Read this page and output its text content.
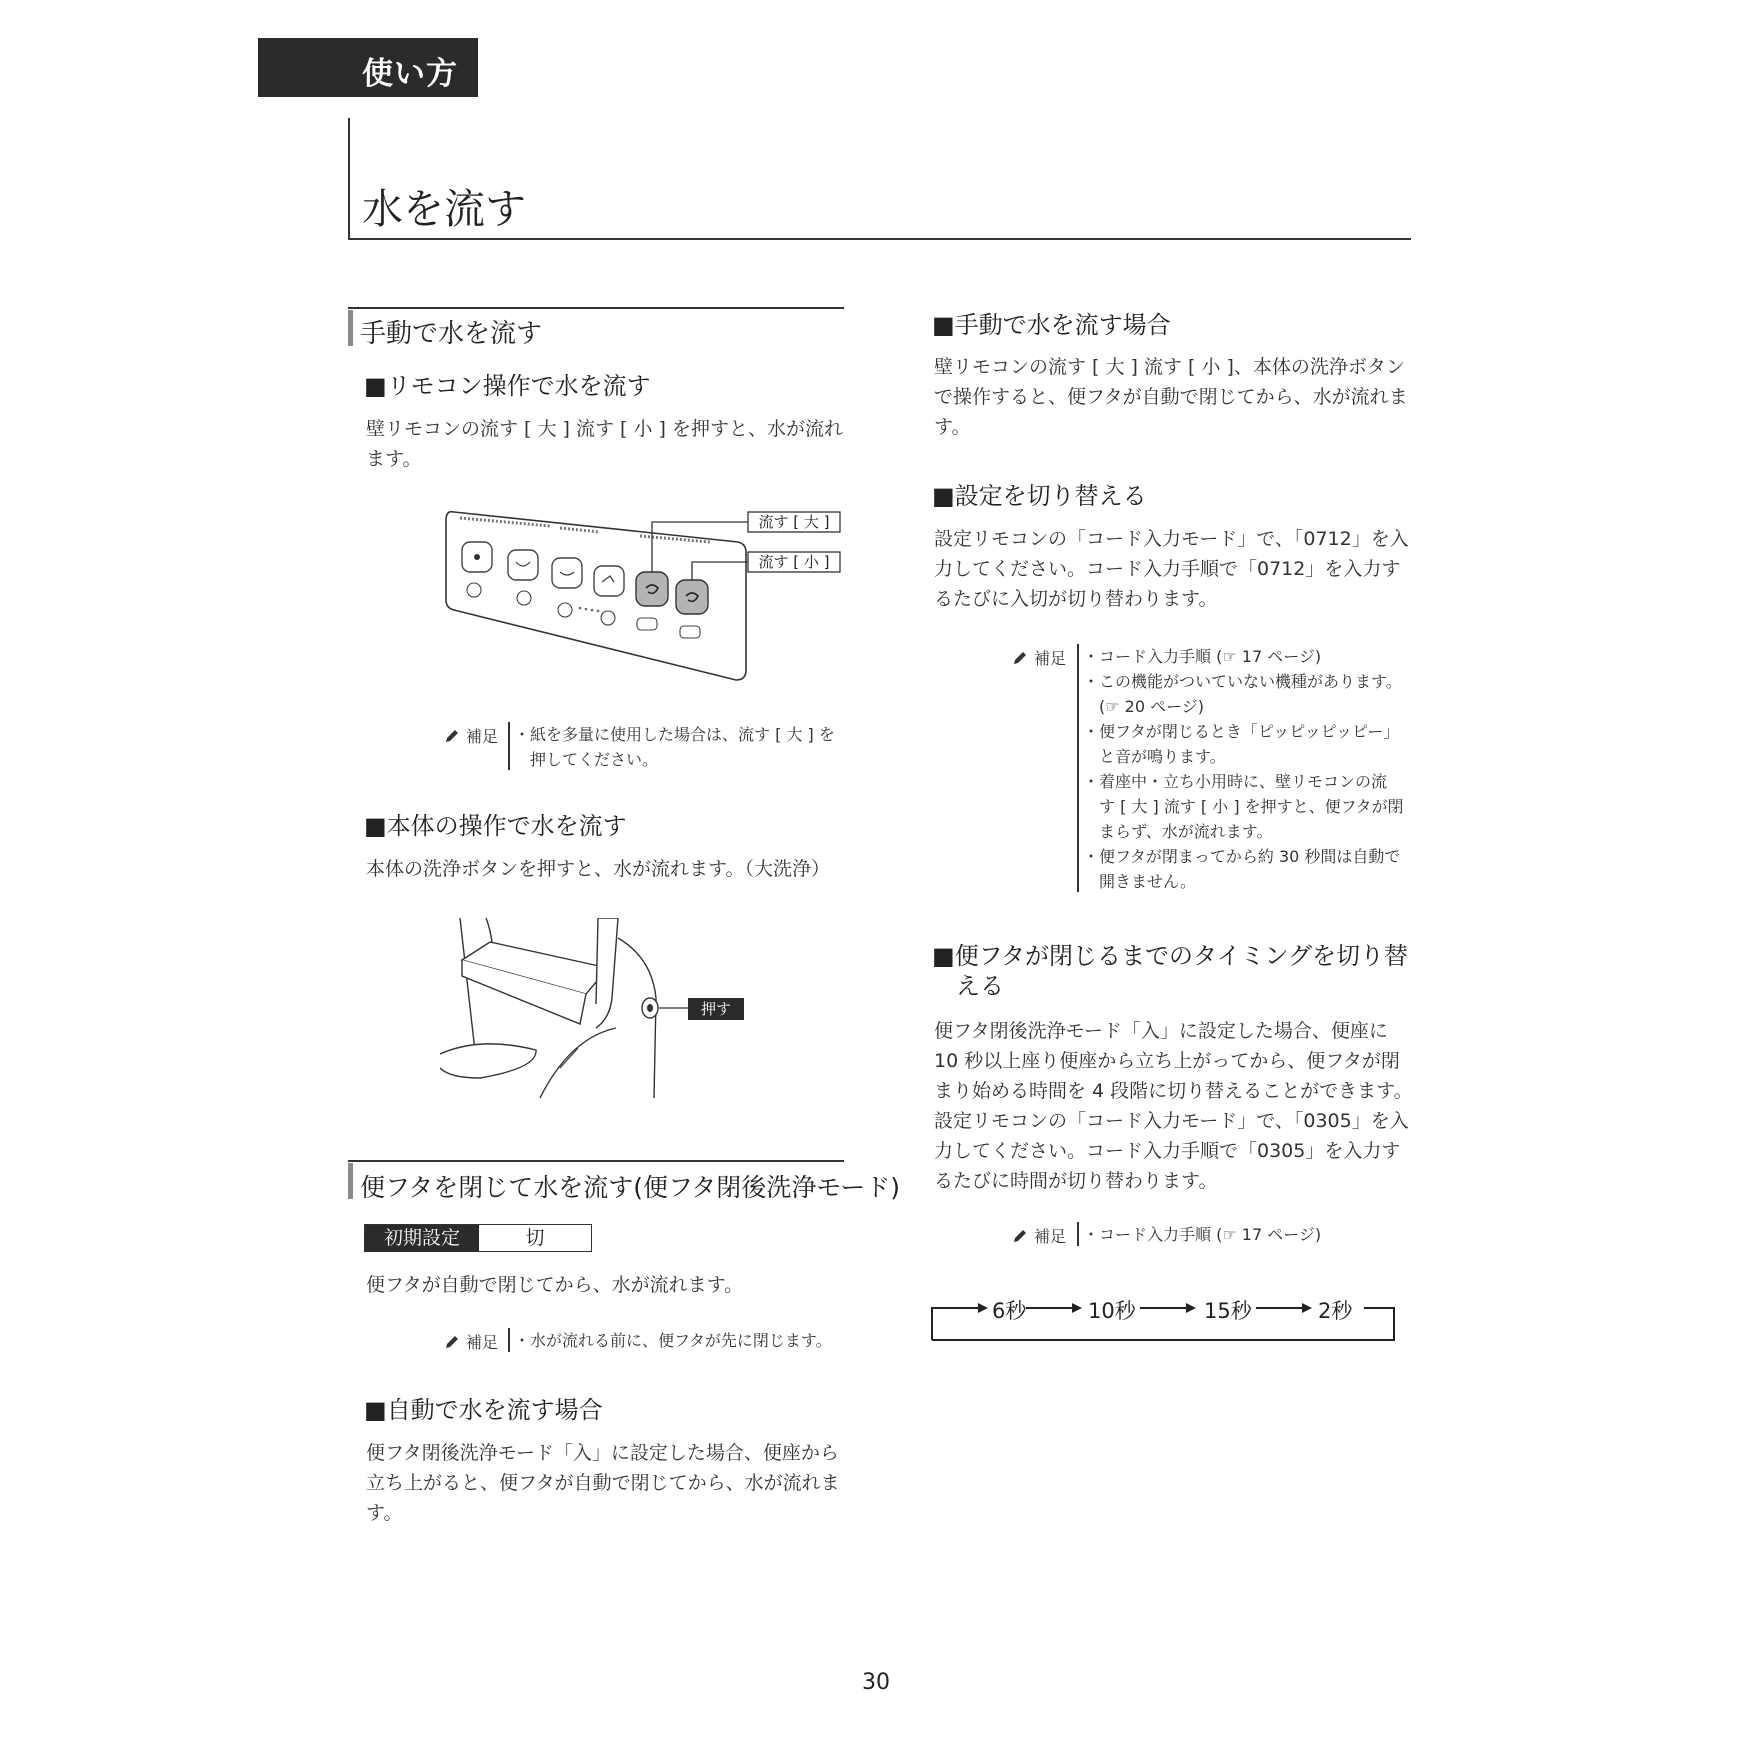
使い方
水を流す
手動で水を流す
■ リモコン操作で水を流す
壁リモコンの流す [ 大 ] 流す [ 小 ] を押すと、水が流れます。
流す [ 大 ]
流す [ 小 ]
補足 ・紙を多量に使用した場合は、流す [ 大 ] を
　押してください。
■ 本体の操作で水を流す
本体の洗浄ボタンを押すと、水が流れます。（大洗浄）
押す
便フタを閉じて水を流す(便フタ閉後洗浄モード)
初期設定	切
便フタが自動で閉じてから、水が流れます。
補足 ・水が流れる前に、便フタが先に閉じます。
■ 自動で水を流す場合
便フタ閉後洗浄モード「入」に設定した場合、便座から立ち上がると、便フタが自動で閉じてから、水が流れます。
■ 手動で水を流す場合
壁リモコンの流す [ 大 ] 流す [ 小 ]、本体の洗浄ボタンで操作すると、便フタが自動で閉じてから、水が流れます。
■ 設定を切り替える
設定リモコンの「コード入力モード」で、「0712」を入力してください。コード入力手順で「0712」を入力するたびに入切が切り替わります。
補足 ・コード入力手順 (☞ 17 ページ)
・この機能がついていない機種があります。
　(☞ 20 ページ)
・便フタが閉じるとき「ピッピッピッピー」
　と音が鳴ります。
・着座中・立ち小用時に、壁リモコンの流
　す [ 大 ] 流す [ 小 ] を押すと、便フタが閉
　まらず、水が流れます。
・便フタが閉まってから約 30 秒間は自動で
　開きません。
■ 便フタが閉じるまでのタイミングを切り替
える
便フタ閉後洗浄モード「入」に設定した場合、便座に 10 秒以上座り便座から立ち上がってから、便フタが閉まり始める時間を 4 段階に切り替えることができます。設定リモコンの「コード入力モード」で、「0305」を入力してください。コード入力手順で「0305」を入力するたびに時間が切り替わります。
補足 ・コード入力手順 (☞ 17 ページ)
6秒	10秒	15秒	2秒
30
